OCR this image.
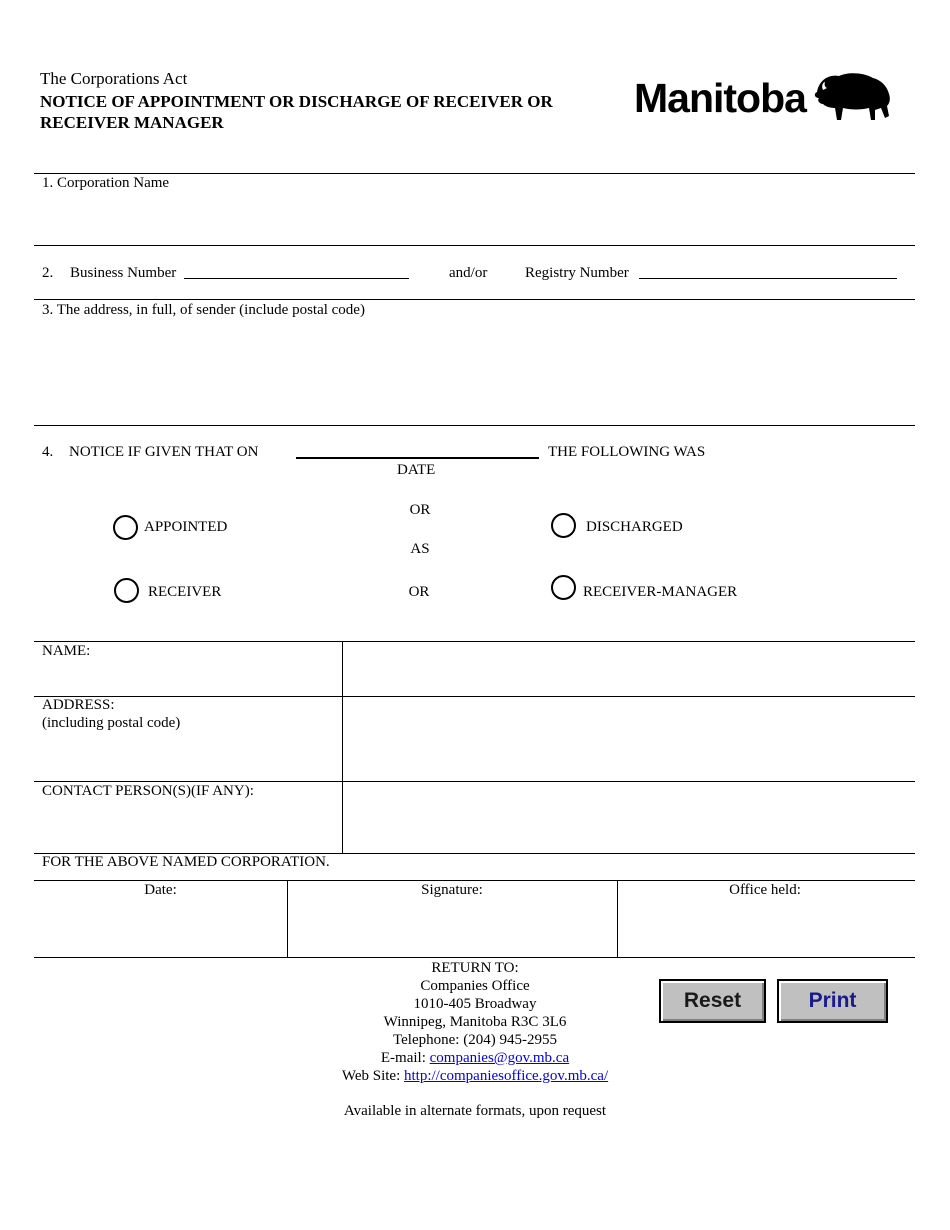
The Corporations Act
NOTICE OF APPOINTMENT OR DISCHARGE OF RECEIVER OR
RECEIVER MANAGER
Manitoba
1. Corporation Name
2. Business Number	and/or	Registry Number
3. The address, in full, of sender (include postal code)
4. NOTICE IF GIVEN THAT ON	THE FOLLOWING WAS
DATE
OR
AS
OR
APPOINTED	DISCHARGED
RECEIVER	RECEIVER-MANAGER
NAME:
ADDRESS:
(including postal code)
CONTACT PERSON(S)(IF ANY):
FOR THE ABOVE NAMED CORPORATION.
Date:	Signature:	Office held:
RETURN TO:
Companies Office
1010-405 Broadway
Winnipeg, Manitoba R3C 3L6
Telephone: (204) 945-2955
E-mail: companies@gov.mb.ca
Web Site: http://companiesoffice.gov.mb.ca/
Available in alternate formats, upon request
Reset	Print
